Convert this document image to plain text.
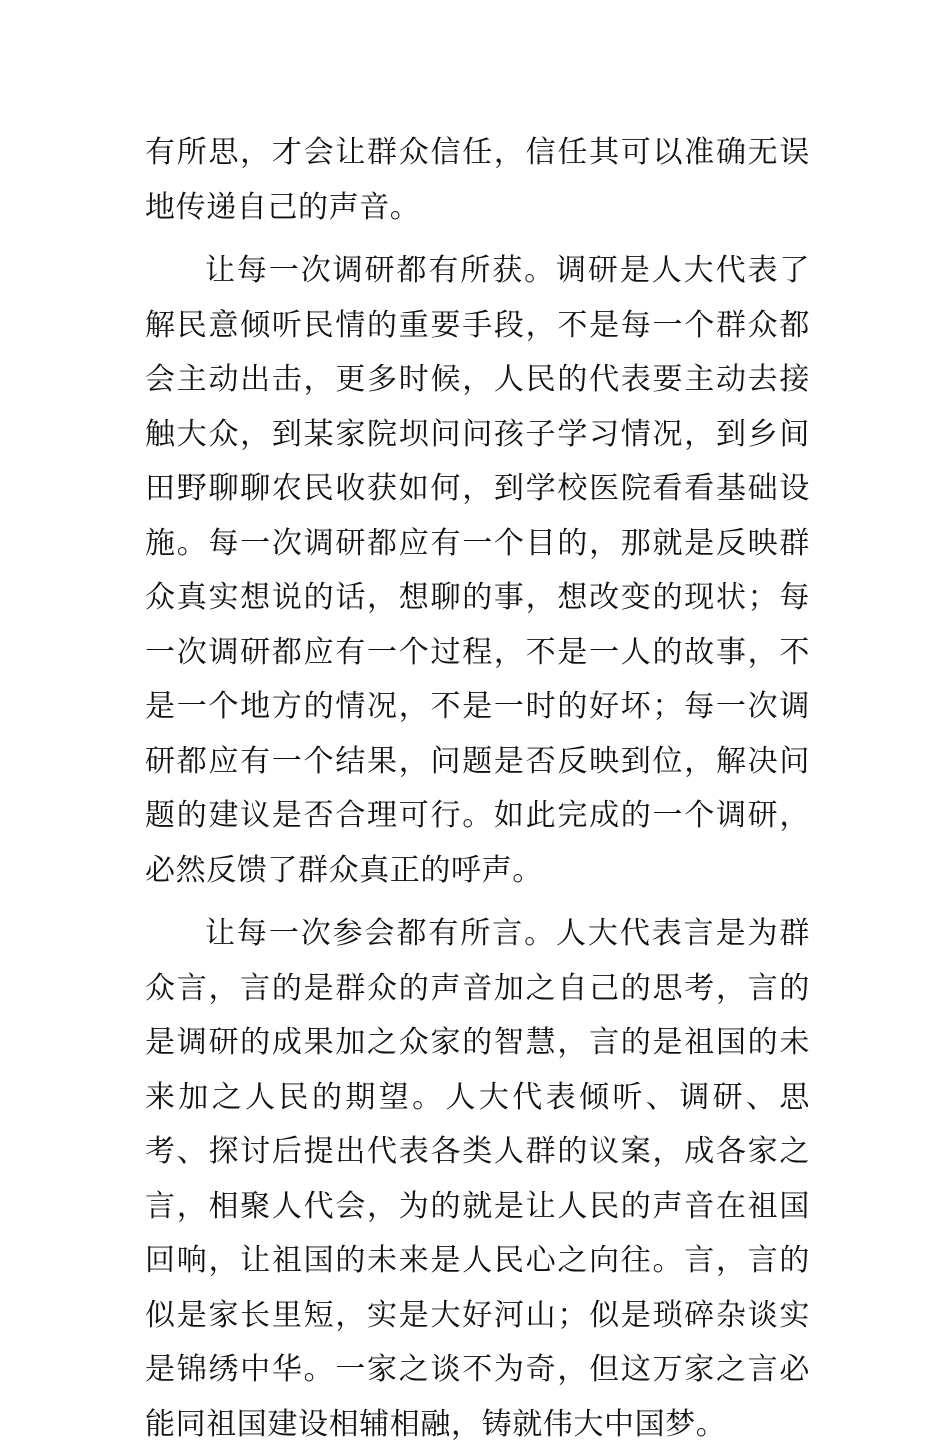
有所思，才会让群众信任，信任其可以准确无误地传递自己的声音。

让每一次调研都有所获。调研是人大代表了解民意倾听民情的重要手段，不是每一个群众都会主动出击，更多时候，人民的代表要主动去接触大众，到某家院坝问问孩子学习情况，到乡间田野聊聊农民收获如何，到学校医院看看基础设施。每一次调研都应有一个目的，那就是反映群众真实想说的话，想聊的事，想改变的现状；每一次调研都应有一个过程，不是一人的故事，不是一个地方的情况，不是一时的好坏；每一次调研都应有一个结果，问题是否反映到位，解决问题的建议是否合理可行。如此完成的一个调研，必然反馈了群众真正的呼声。

让每一次参会都有所言。人大代表言是为群众言，言的是群众的声音加之自己的思考，言的是调研的成果加之众家的智慧，言的是祖国的未来加之人民的期望。人大代表倾听、调研、思考、探讨后提出代表各类人群的议案，成各家之言，相聚人代会，为的就是让人民的声音在祖国回响，让祖国的未来是人民心之向往。言，言的似是家长里短，实是大好河山；似是琐碎杂谈实是锦绣中华。一家之谈不为奇，但这万家之言必能同祖国建设相辅相融，铸就伟大中国梦。
